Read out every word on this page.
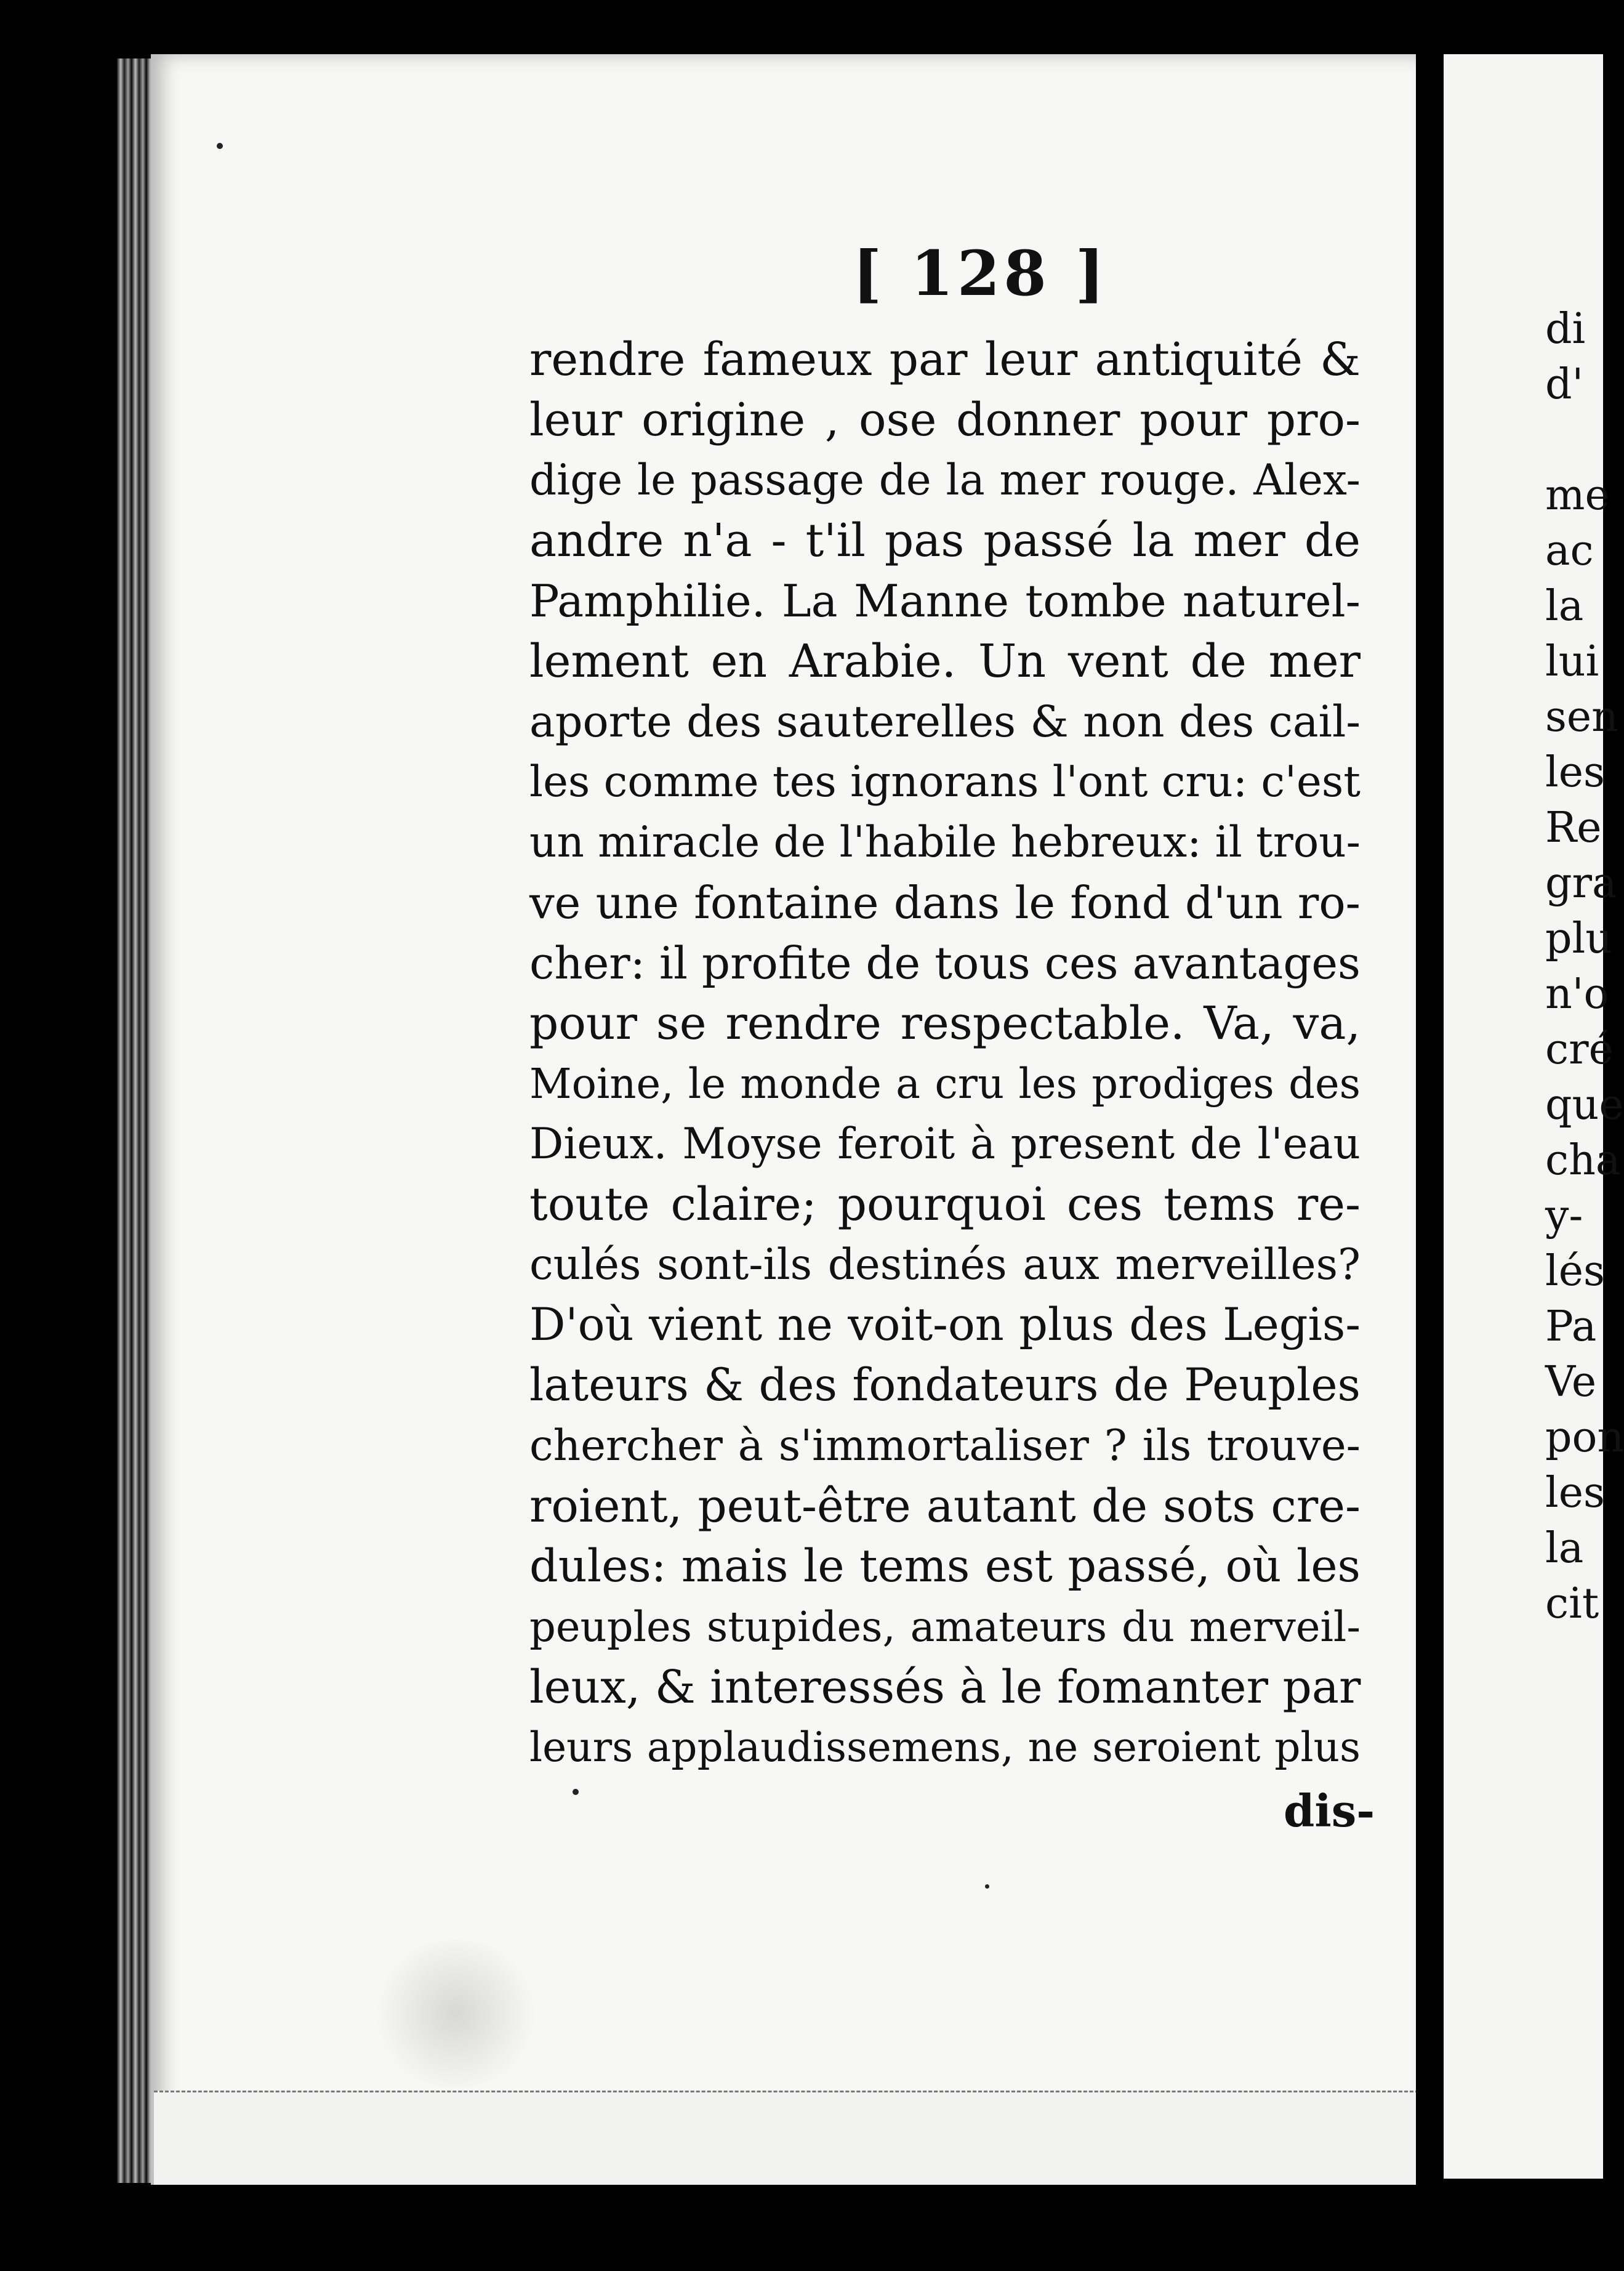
[ 128 ]
rendre fameux par leur antiquité &
leur origine , ose donner pour pro-
dige le passage de la mer rouge. Alex-
andre n'a - t'il pas passé la mer de
Pamphilie. La Manne tombe naturel-
lement en Arabie. Un vent de mer
aporte des sauterelles & non des cail-
les comme tes ignorans l'ont cru: c'est
un miracle de l'habile hebreux: il trou-
ve une fontaine dans le fond d'un ro-
cher: il profite de tous ces avantages
pour se rendre respectable. Va, va,
Moine, le monde a cru les prodiges des
Dieux. Moyse feroit à present de l'eau
toute claire; pourquoi ces tems re-
culés sont-ils destinés aux merveilles?
D'où vient ne voit-on plus des Legis-
lateurs & des fondateurs de Peuples
chercher à s'immortaliser ? ils trouve-
roient, peut-être autant de sots cre-
dules: mais le tems est passé, où les
peuples stupides, amateurs du merveil-
leux, & interessés à le fomanter par
leurs applaudissemens, ne seroient plus
dis-
di
d'

me
ac
la
lui
sen
les
Re
gra
plu
n'o
cré
que
cha
y-
lés
Pa
Ve
pon
les
la
cit
